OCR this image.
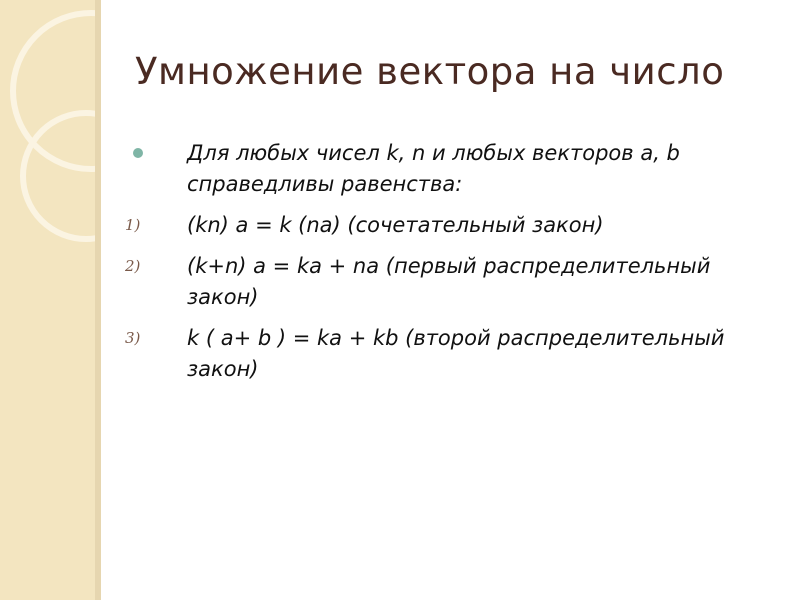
Умножение вектора на число
Для любых чисел k, n и любых векторов a, b справедливы равенства:
1)	(kn) a = k (na) (сочетательный закон)
2)	(k+n) a = ka + na (первый распределительный закон)
3)	k ( a+ b ) = ka + kb (второй распределительный закон)
